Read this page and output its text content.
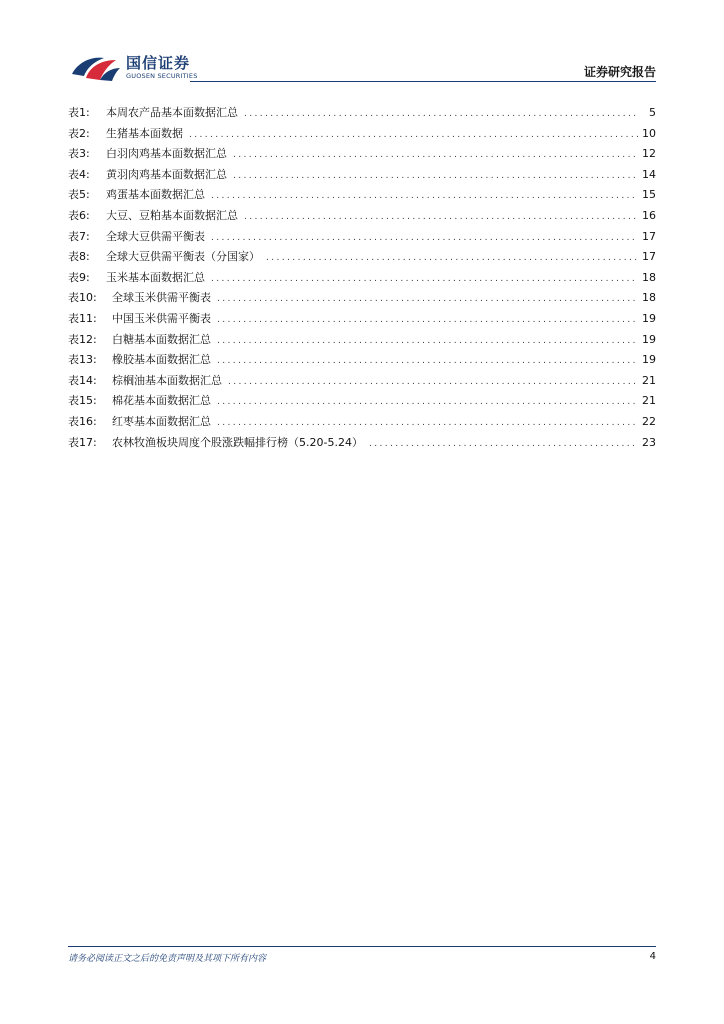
国信证券
GUOSEN SECURITIES	证券研究报告
表1:	本周农产品基本面数据汇总 .....	5
表2:	生猪基本面数据 .....	10
表3:	白羽肉鸡基本面数据汇总 .....	12
表4:	黄羽肉鸡基本面数据汇总 .....	14
表5:	鸡蛋基本面数据汇总 .....	15
表6:	大豆、豆粕基本面数据汇总 .....	16
表7:	全球大豆供需平衡表 .....	17
表8:	全球大豆供需平衡表（分国家） .....	17
表9:	玉米基本面数据汇总 .....	18
表10:	全球玉米供需平衡表 .....	18
表11:	中国玉米供需平衡表 .....	19
表12:	白糖基本面数据汇总 .....	19
表13:	橡胶基本面数据汇总 .....	19
表14:	棕榈油基本面数据汇总 .....	21
表15:	棉花基本面数据汇总 .....	21
表16:	红枣基本面数据汇总 .....	22
表17:	农林牧渔板块周度个股涨跌幅排行榜（5.20-5.24） .....	23
请务必阅读正文之后的免责声明及其项下所有内容	4
